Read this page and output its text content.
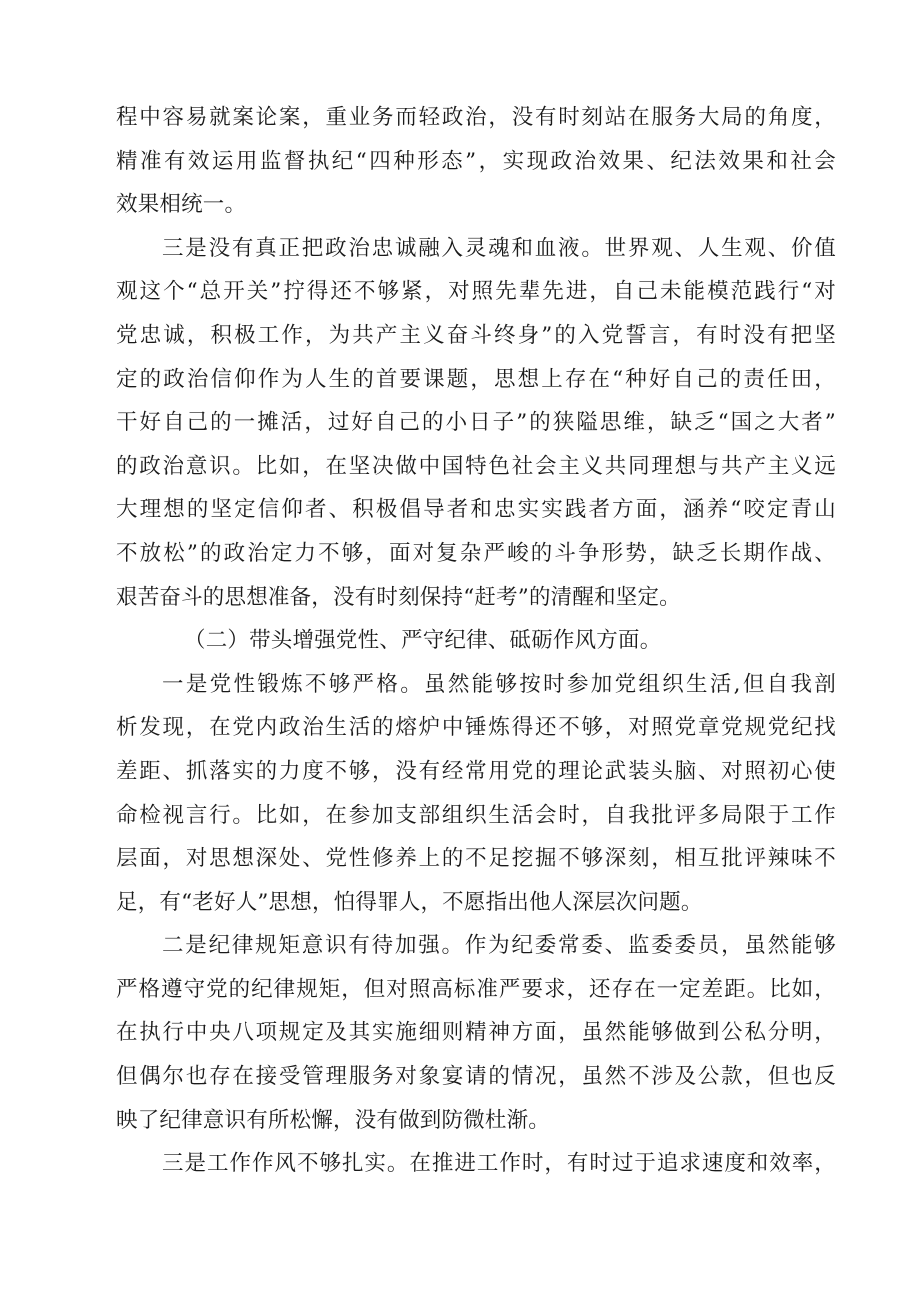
程中容易就案论案，重业务而轻政治，没有时刻站在服务大局的角度，
精准有效运用监督执纪“四种形态”，实现政治效果、纪法效果和社会
效果相统一。
三是没有真正把政治忠诚融入灵魂和血液。世界观、人生观、价值
观这个“总开关”拧得还不够紧，对照先辈先进，自己未能模范践行“对
党忠诚，积极工作，为共产主义奋斗终身”的入党誓言，有时没有把坚
定的政治信仰作为人生的首要课题，思想上存在“种好自己的责任田，
干好自己的一摊活，过好自己的小日子”的狭隘思维，缺乏“国之大者”
的政治意识。比如，在坚决做中国特色社会主义共同理想与共产主义远
大理想的坚定信仰者、积极倡导者和忠实实践者方面，涵养“咬定青山
不放松”的政治定力不够，面对复杂严峻的斗争形势，缺乏长期作战、
艰苦奋斗的思想准备，没有时刻保持“赶考”的清醒和坚定。
（二）带头增强党性、严守纪律、砥砺作风方面。
一是党性锻炼不够严格。虽然能够按时参加党组织生活,但自我剖
析发现，在党内政治生活的熔炉中锤炼得还不够，对照党章党规党纪找
差距、抓落实的力度不够，没有经常用党的理论武装头脑、对照初心使
命检视言行。比如，在参加支部组织生活会时，自我批评多局限于工作
层面，对思想深处、党性修养上的不足挖掘不够深刻，相互批评辣味不
足，有“老好人”思想，怕得罪人，不愿指出他人深层次问题。
二是纪律规矩意识有待加强。作为纪委常委、监委委员，虽然能够
严格遵守党的纪律规矩，但对照高标准严要求，还存在一定差距。比如，
在执行中央八项规定及其实施细则精神方面，虽然能够做到公私分明，
但偶尔也存在接受管理服务对象宴请的情况，虽然不涉及公款，但也反
映了纪律意识有所松懈，没有做到防微杜渐。
三是工作作风不够扎实。在推进工作时，有时过于追求速度和效率，
